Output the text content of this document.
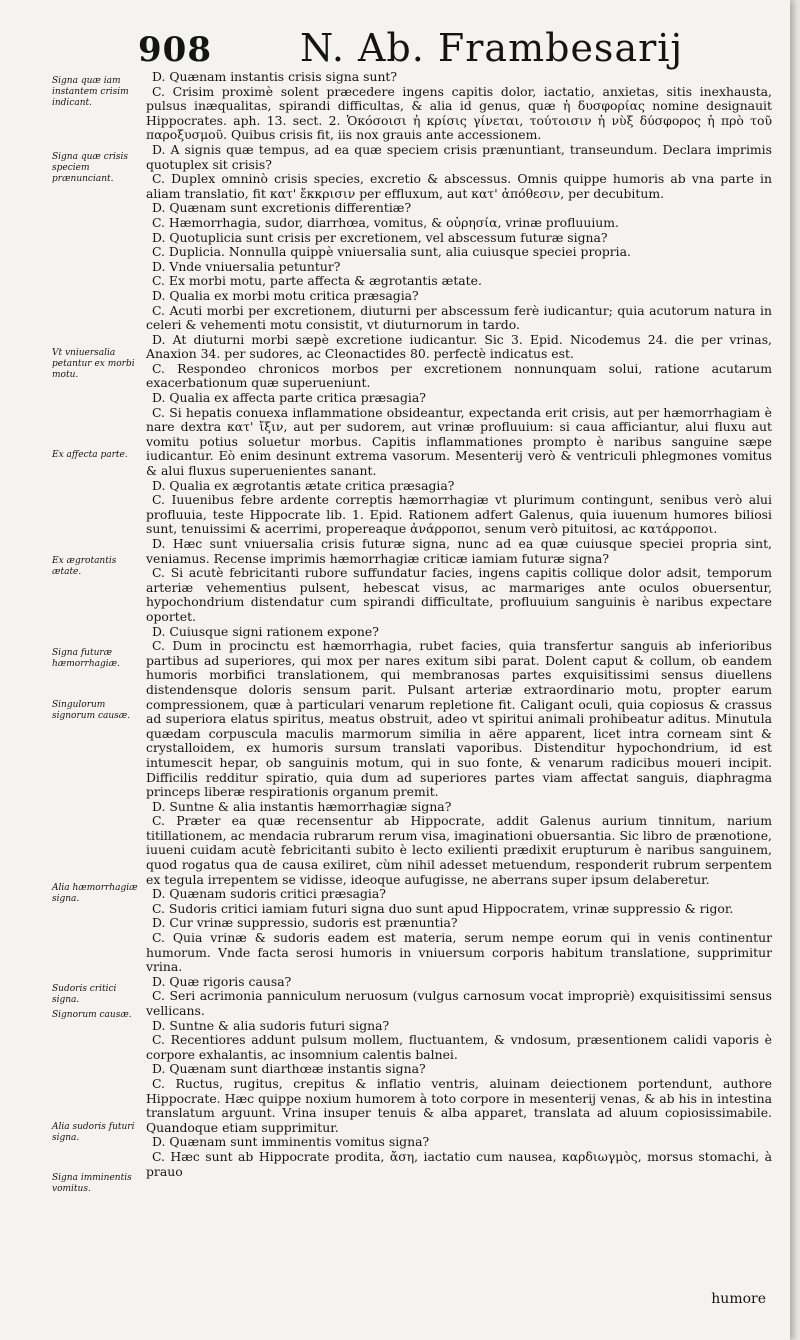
908 N. Ab. Frambesarij
Signa quæ iam instantem crisim indicant.
Signa quæ crisis speciem prænunciant.
Vt vniuersalia petantur ex morbi motu.
Ex affecta parte.
Ex ægrotantis ætate.
Signa futuræ hæmorrhagiæ.
Singulorum signorum causæ.
Alia hæmorrhagiæ signa.
Sudoris critici signa.
Signorum causæ.
Alia sudoris futuri signa.
Signa imminentis vomitus.

D. Quænam instantis crisis signa sunt?

C. Crisim proximè solent præcedere ingens capitis dolor, iactatio, anxietas, sitis inexhausta, pulsus inæqualitas, spirandi difficultas, & alia id genus, quæ ἡ δυσφορίας nomine designauit Hippocrates. aph. 13. sect. 2. Ὁκόσοισι ἡ κρίσις γίνεται, τούτοισιν ἡ νὺξ δύσφορος ἡ πρὸ τοῦ παροξυσμοῦ. Quibus crisis fit, iis nox grauis ante accessionem.

D. A signis quæ tempus, ad ea quæ speciem crisis prænuntiant, transeundum. Declara imprimis quotuplex sit crisis?

C. Duplex omninò crisis species, excretio & abscessus. Omnis quippe humoris ab vna parte in aliam translatio, fit κατ' ἔκκρισιν per effluxum, aut κατ' ἀπόθεσιν, per decubitum.

D. Quænam sunt excretionis differentiæ?

C. Hæmorrhagia, sudor, diarrhœa, vomitus, & οὐρησία, vrinæ profluuium.

D. Quotuplicia sunt crisis per excretionem, vel abscessum futuræ signa?

C. Duplicia. Nonnulla quippè vniuersalia sunt, alia cuiusque speciei propria.

D. Vnde vniuersalia petuntur?

C. Ex morbi motu, parte affecta & ægrotantis ætate.

D. Qualia ex morbi motu critica præsagia?

C. Acuti morbi per excretionem, diuturni per abscessum ferè iudicantur; quia acutorum natura in celeri & vehementi motu consistit, vt diuturnorum in tardo.

D. At diuturni morbi sæpè excretione iudicantur. Sic 3. Epid. Nicodemus 24. die per vrinas, Anaxion 34. per sudores, ac Cleonactides 80. perfectè indicatus est.

C. Respondeo chronicos morbos per excretionem nonnunquam solui, ratione acutarum exacerbationum quæ superueniunt.

D. Qualia ex affecta parte critica præsagia?

C. Si hepatis conuexa inflammatione obsideantur, expectanda erit crisis, aut per hæmorrhagiam è nare dextra κατ' ἴξιν, aut per sudorem, aut vrinæ profluuium: si caua afficiantur, alui fluxu aut vomitu potius soluetur morbus. Capitis inflammationes prompto è naribus sanguine sæpe iudicantur. Eò enim desinunt extrema vasorum. Mesenterij verò & ventriculi phlegmones vomitus & alui fluxus superuenientes sanant.

D. Qualia ex ægrotantis ætate critica præsagia?

C. Iuuenibus febre ardente correptis hæmorrhagiæ vt plurimum contingunt, senibus verò alui profluuia, teste Hippocrate lib. 1. Epid. Rationem adfert Galenus, quia iuuenum humores biliosi sunt, tenuissimi & acerrimi, propereaque ἀνάρροποι, senum verò pituitosi, ac κατάρροποι.

D. Hæc sunt vniuersalia crisis futuræ signa, nunc ad ea quæ cuiusque speciei propria sint, veniamus. Recense imprimis hæmorrhagiæ criticæ iamiam futuræ signa?

C. Si acutè febricitanti rubore suffundatur facies, ingens capitis collique dolor adsit, temporum arteriæ vehementius pulsent, hebescat visus, ac marmariges ante oculos obuersentur, hypochondrium distendatur cum spirandi difficultate, profluuium sanguinis è naribus expectare oportet.

D. Cuiusque signi rationem expone?

C. Dum in procinctu est hæmorrhagia, rubet facies, quia transfertur sanguis ab inferioribus partibus ad superiores, qui mox per nares exitum sibi parat. Dolent caput & collum, ob eandem humoris morbifici translationem, qui membranosas partes exquisitissimi sensus diuellens distendensque doloris sensum parit. Pulsant arteriæ extraordinario motu, propter earum compressionem, quæ à particulari venarum repletione fit. Caligant oculi, quia copiosus & crassus ad superiora elatus spiritus, meatus obstruit, adeo vt spiritui animali prohibeatur aditus. Minutula quædam corpuscula maculis marmorum similia in aëre apparent, licet intra corneam sint & crystalloidem, ex humoris sursum translati vaporibus. Distenditur hypochondrium, id est intumescit hepar, ob sanguinis motum, qui in suo fonte, & venarum radicibus moueri incipit. Difficilis redditur spiratio, quia dum ad superiores partes viam affectat sanguis, diaphragma princeps liberæ respirationis organum premit.

D. Suntne & alia instantis hæmorrhagiæ signa?

C. Præter ea quæ recensentur ab Hippocrate, addit Galenus aurium tinnitum, narium titillationem, ac mendacia rubrarum rerum visa, imaginationi obuersantia. Sic libro de prænotione, iuueni cuidam acutè febricitanti subito è lecto exilienti prædixit erupturum è naribus sanguinem, quod rogatus qua de causa exiliret, cùm nihil adesset metuendum, responderit rubrum serpentem ex tegula irrepentem se vidisse, ideoque aufugisse, ne aberrans super ipsum delaberetur.

D. Quænam sudoris critici præsagia?

C. Sudoris critici iamiam futuri signa duo sunt apud Hippocratem, vrinæ suppressio & rigor.

D. Cur vrinæ suppressio, sudoris est prænuntia?

C. Quia vrinæ & sudoris eadem est materia, serum nempe eorum qui in venis continentur humorum. Vnde facta serosi humoris in vniuersum corporis habitum translatione, supprimitur vrina.

D. Quæ rigoris causa?

C. Seri acrimonia panniculum neruosum (vulgus carnosum vocat impropriè) exquisitissimi sensus vellicans.

D. Suntne & alia sudoris futuri signa?

C. Recentiores addunt pulsum mollem, fluctuantem, & vndosum, præsentionem calidi vaporis è corpore exhalantis, ac insomnium calentis balnei.

D. Quænam sunt diarthœæ instantis signa?

C. Ructus, rugitus, crepitus & inflatio ventris, aluinam deiectionem portendunt, authore Hippocrate. Hæc quippe noxium humorem à toto corpore in mesenterij venas, & ab his in intestina translatum arguunt. Vrina insuper tenuis & alba apparet, translata ad aluum copiosissimabile. Quandoque etiam supprimitur.

D. Quænam sunt imminentis vomitus signa?

C. Hæc sunt ab Hippocrate prodita, ἄση, iactatio cum nausea, καρδιωγμὸς, morsus stomachi, à prauo

humore
